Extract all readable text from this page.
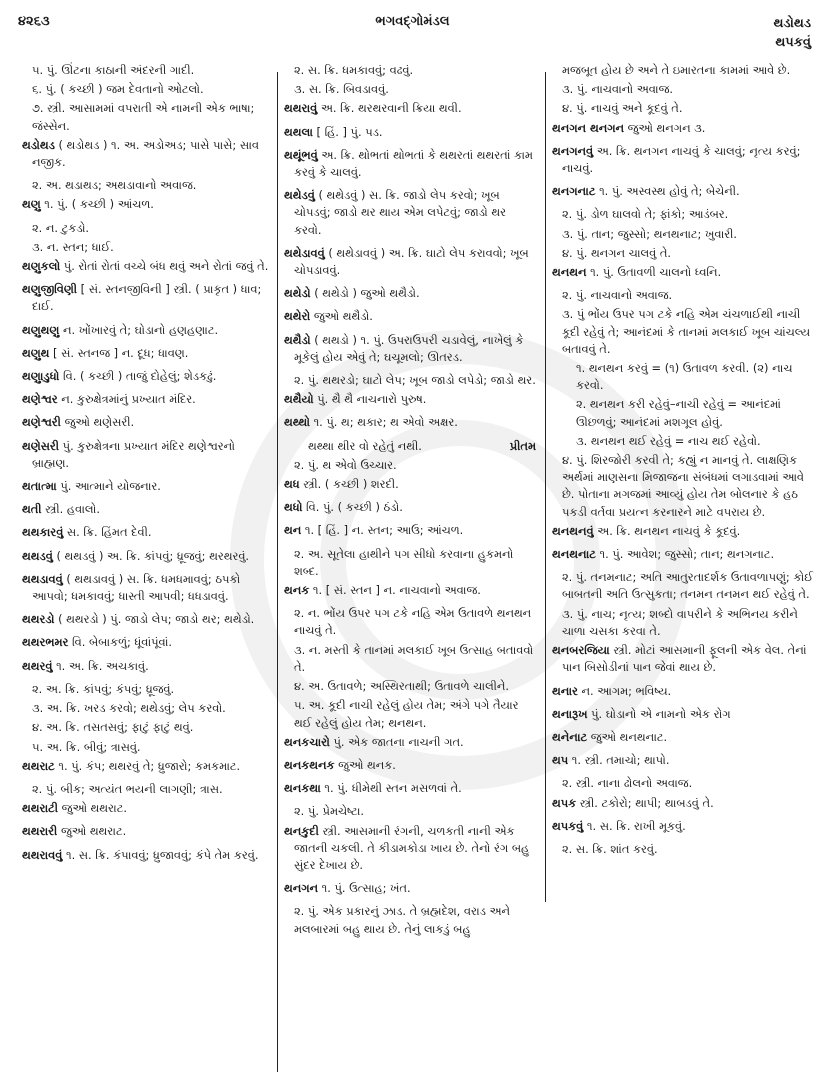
૪૨૬૩	ભગવદ્ગોમંડલ	થડોથડ
થપકવું
૫. પું. ઊંટના કાઠાની અંદરની ગાદી.
૬. પું. ( કચ્છી ) જમ દેવતાનો ઓટલો.
૭. સ્ત્રી. આસામમાં વપરાતી એ નામની એક ભાષા; જંસ્સેન.
થડોથડ ( થડોથડ ) ૧. અ. અડોઅડ; પાસે પાસે; સાવ નજીક.
૨. અ. થડાથડ; અથડાવાનો અવાજ.
થણુ ૧. પું. ( કચ્છી ) આંચળ.
૨. ન. ટુકડો.
૩. ન. સ્તન; ધાઈ.
થણુકલો પું. રોતાં રોતાં વચ્ચે બંધ થવું અને રોતાં જવું તે.
થણુજીવિણી [ સં. સ્તનજીવિની ] સ્ત્રી. ( પ્રાકૃત ) ધાવ; દાઈ.
થણુથણુ ન. ખોંખારવું તે; ઘોડાનો હણહણાટ.
થણુથ [ સં. સ્તનજ ] ન. દૂધ; ધાવણ.
થણુાડુધો વિ. ( કચ્છી ) તાજું દોહેલું; શેડકઢું.
થણેશ્વર ન. કુરુક્ષેત્રમાંનું પ્રખ્યાત મંદિર.
થણેશ્વરી જુઓ થણેસરી.
થણેસરી પું. કુરુક્ષેત્રના પ્રખ્યાત મંદિર થણેશ્વરનો બ્રાહ્મણ.
થતાત્મા પું. આત્માને યોજનાર.
થતી સ્ત્રી. હવાલો.
થથકારવું સ. ક્રિ. હિંમત દેવી.
થથડવું ( થથડવું ) અ. ક્રિ. કાંપવું; ધ્રૂજવું; થરથરવું.
થથડાવવું ( થથડાવવું ) સ. ક્રિ. ધમધમાવવું; ઠપકો આપવો; ધમકાવવું; ધાસ્તી આપવી; ધધડાવવું.
થથરડો ( થથરડો ) પું. જાડો લેપ; જાડો થર; થથેડો.
થથરભમર વિ. બેબાકળું; ધૂંવાંપૂંવાં.
થથરવું ૧. અ. ક્રિ. અચકાવું.
૨. અ. ક્રિ. કાંપવું; કંપવું; ધ્રૂજવું.
૩. અ. ક્રિ. ખરડ કરવો; થથેડવું; લેપ કરવો.
૪. અ. ક્રિ. તસતસવું; ફાટું ફાટું થવું.
૫. અ. ક્રિ. બીવું; ત્રાસવું.
થથરાટ ૧. પું. કંપ; થથરવું તે; ધ્રુજારો; કમકમાટ.
૨. પું. બીક; અત્યંત ભયની લાગણી; ત્રાસ.
થથરાટી જુઓ થથરાટ.
થથરારી જુઓ થથરાટ.
થથરાવવું ૧. સ. ક્રિ. કંપાવવું; ધ્રુજાવવું; કંપે તેમ કરવું.
૨. સ. ક્રિ. ધમકાવવું; વઢવું.
૩. સ. ક્રિ. બિવડાવવું.
થથરાવું અ. ક્રિ. થરથરવાની ક્રિયા થવી.
થથલા [ હિં. ] પું. પડ.
થથૂંભવું અ. ક્રિ. થોભતાં થોભતાં કે થથરતાં થથરતાં કામ કરવું કે ચાલવું.
થથેડવું ( થથેડવું ) સ. ક્રિ. જાડો લેપ કરવો; ખૂબ ચોપડવું; જાડો થર થાય એમ લપેટવું; જાડો થર કરવો.
થથેડાવવું ( થથેડાવવું ) અ. ક્રિ. ઘાટો લેપ કરાવવો; ખૂબ ચોપડાવવું.
થથેડો ( થથેડો ) જુઓ થથૈડો.
થથેરો જુઓ થથૈડો.
થથૈડો ( થથડો ) ૧. પું. ઉપરાઉપરી ચડાવેલું, નાખેલું કે મૂકેલું હોય એવું તે; ઘચૂમલો; ઊતરડ.
૨. પું. થથરડો; ઘાટો લેપ; ખૂબ જાડો લપેડો; જાડો થર.
થથૈયો પું. થૈ થૈ નાચનારો પુરુષ.
થથ્થો ૧. પું. થ; થકાર; થ એવો અક્ષર.
થથ્થા થીર વો રહેતું નથી.	પ્રીતમ
૨. પું. થ એવો ઉચ્ચાર.
થધ સ્ત્રી. ( કચ્છી ) શરદી.
થધો વિ. પું. ( કચ્છી ) ઠંડો.
થન ૧. [ હિં. ] ન. સ્તન; આઉ; આંચળ.
૨. અ. સૂતેલા હાથીને પગ સીધો કરવાના હુકમનો શબ્દ.
થનક ૧. [ સં. સ્તન ] ન. નાચવાનો અવાજ.
૨. ન. ભોંય ઉપર પગ ટકે નહિ એમ ઉતાવળે થનથન નાચવું તે.
૩. ન. મસ્તી કે તાનમાં મલકાઈ ખૂબ ઉત્સાહ બતાવવો તે.
૪. અ. ઉતાવળે; અસ્થિરતાથી; ઉતાવળે ચાલીને.
૫. અ. કૂદી નાચી રહેલું હોય તેમ; અંગે પગે તૈયાર થઈ રહેલું હોય તેમ; થનથન.
થનકચારો પું. એક જાતના નાચની ગત.
થનકથનક જુઓ થનક.
થનકથા ૧. પું. ધીમેથી સ્તન મસળવાં તે.
૨. પું. પ્રેમચેષ્ટા.
થનકુદી સ્ત્રી. આસમાની રંગની, ચળકતી નાની એક જાતની ચકલી. તે કીડામકોડા ખાય છે. તેનો રંગ બહુ સુંદર દેખાય છે.
થનગન ૧. પું. ઉત્સાહ; ખંત.
૨. પું. એક પ્રકારનું ઝાડ. તે બ્રહ્મદેશ, વરાડ અને મલબારમાં બહુ થાય છે. તેનું લાકડું બહુ
મજબૂત હોય છે અને તે ઇમારતના કામમાં આવે છે.
૩. પું. નાચવાનો અવાજ.
૪. પું. નાચવું અને કૂદવું તે.
થનગન થનગન જુઓ થનગન ૩.
થનગનવું અ. ક્રિ. થનગન નાચવું કે ચાલવું; નૃત્ય કરવું; નાચવું.
થનગનાટ ૧. પું. અસ્વસ્થ હોવું તે; બેચેની.
૨. પું. ડોળ ઘાલવો તે; ફાંકો; આડંબર.
૩. પું. તાન; જુસ્સો; થનથનાટ; ખુવારી.
૪. પું. થનગન ચાલવું તે.
થનથન ૧. પું. ઉતાવળી ચાલનો ધ્વનિ.
૨. પું. નાચવાનો અવાજ.
૩. પું ભોંય ઉપર પગ ટકે નહિ એમ ચંચળાઈથી નાચી કૂદી રહેવું તે; આનંદમાં કે તાનમાં મલકાઈ ખૂબ ચાંચલ્ય બતાવવું તે.
૧. થનથન કરવું = (૧) ઉતાવળ કરવી. (૨) નાચ કરવો.
૨. થનથન કરી રહેવું–નાચી રહેવું = આનંદમાં ઊછળવું; આનંદમાં મશગૂલ હોવું.
૩. થનથન થઈ રહેવું = નાચ થઈ રહેવો.
૪. પું. શિરજોરી કરવી તે; કહ્યું ન માનવું તે. લાક્ષણિક અર્થમાં માણસના મિજાજના સંબંધમાં લગાડવામાં આવે છે. પોતાના મગજમાં આવ્યું હોય તેમ બોલનાર કે હઠ પકડી વર્તવા પ્રયત્ન કરનારને માટે વપરાય છે.
થનથનવું અ. ક્રિ. થનથન નાચવું કે કૂદવું.
થનથનાટ ૧. પું. આવેશ; જુસ્સો; તાન; થનગનાટ.
૨. પું. તનમનાટ; અતિ આતુરતાદર્શક ઉતાવળાપણું; કોઈ બાબતની અતિ ઉત્સુકતા; તનમન તનમન થઈ રહેવું તે.
૩. પું. નાચ; નૃત્ય; શબ્દો વાપરીને કે અભિનય કરીને ચાળા ચસકા કરવા તે.
થનબરજિયા સ્ત્રી. મોટાં આસમાની ફૂલની એક વેલ. તેનાં પાન બિસોડીનાં પાન જેવાં થાય છે.
થનાર ન. આગમ; ભવિષ્ય.
થનારૂખ પું. ઘોડાનો એ નામનો એક રોગ
થનેનાટ જુઓ થનથનાટ.
થપ ૧. સ્ત્રી. તમાચો; થાપો.
૨. સ્ત્રી. નાના ઢોલનો અવાજ.
થપક સ્ત્રી. ટકોરો; થાપી; થાબડવું તે.
થપકવું ૧. સ. ક્રિ. રાખી મૂકવું.
૨. સ. ક્રિ. શાંત કરવું.
